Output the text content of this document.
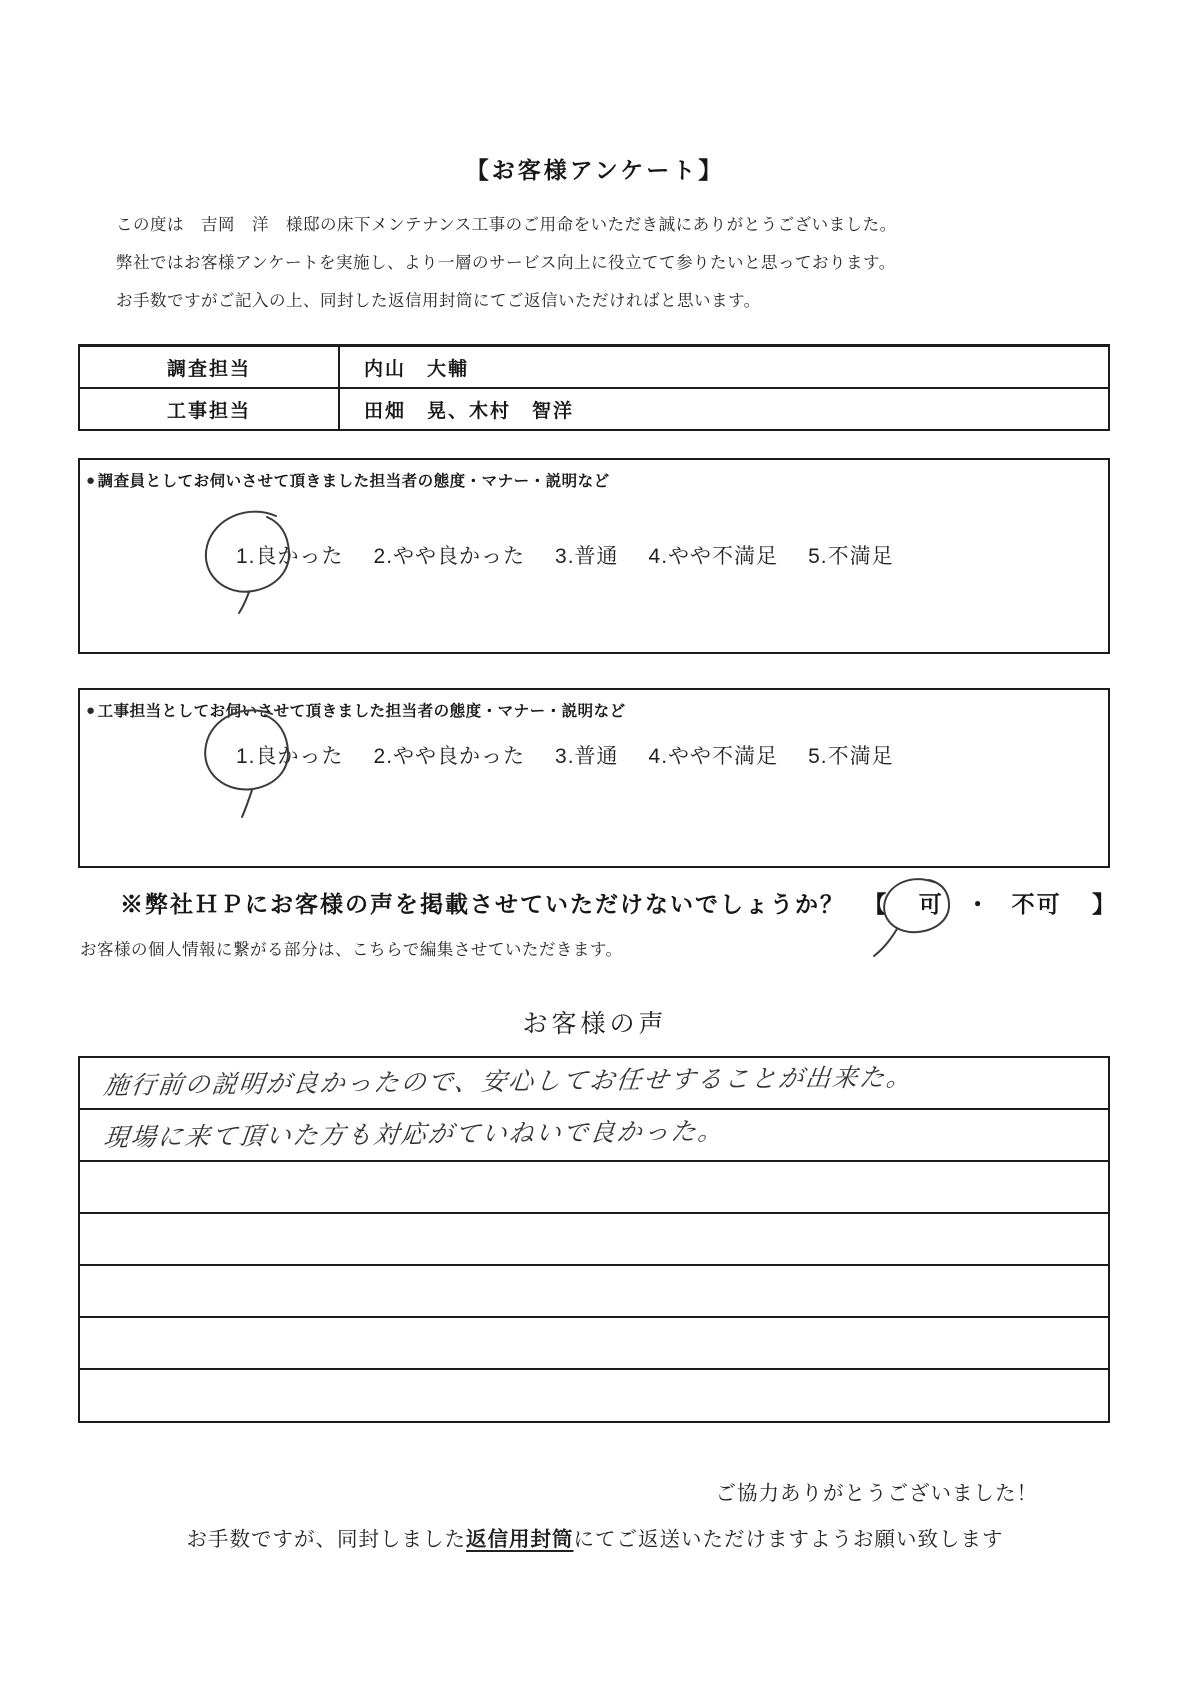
【お客様アンケート】
この度は　吉岡　洋　様邸の床下メンテナンス工事のご用命をいただき誠にありがとうございました。
弊社ではお客様アンケートを実施し、より一層のサービス向上に役立てて参りたいと思っております。
お手数ですがご記入の上、同封した返信用封筒にてご返信いただければと思います。
調査担当	内山　大輔
工事担当	田畑　晃、木村　智洋
● 調査員としてお伺いさせて頂きました担当者の態度・マナー・説明など
1.良かった 2.やや良かった 3.普通 4.やや不満足 5.不満足
● 工事担当としてお伺いさせて頂きました担当者の態度・マナー・説明など
1.良かった 2.やや良かった 3.普通 4.やや不満足 5.不満足
※弊社ＨＰにお客様の声を掲載させていただけないでしょうか？ 【 可 ・ 不可 】
お客様の個人情報に繋がる部分は、こちらで編集させていただきます。
お客様の声
施行前の説明が良かったので、安心してお任せすることが出来た。
現場に来て頂いた方も対応がていねいで良かった。
ご協力ありがとうございました！
お手数ですが、同封しました返信用封筒にてご返送いただけますようお願い致します
